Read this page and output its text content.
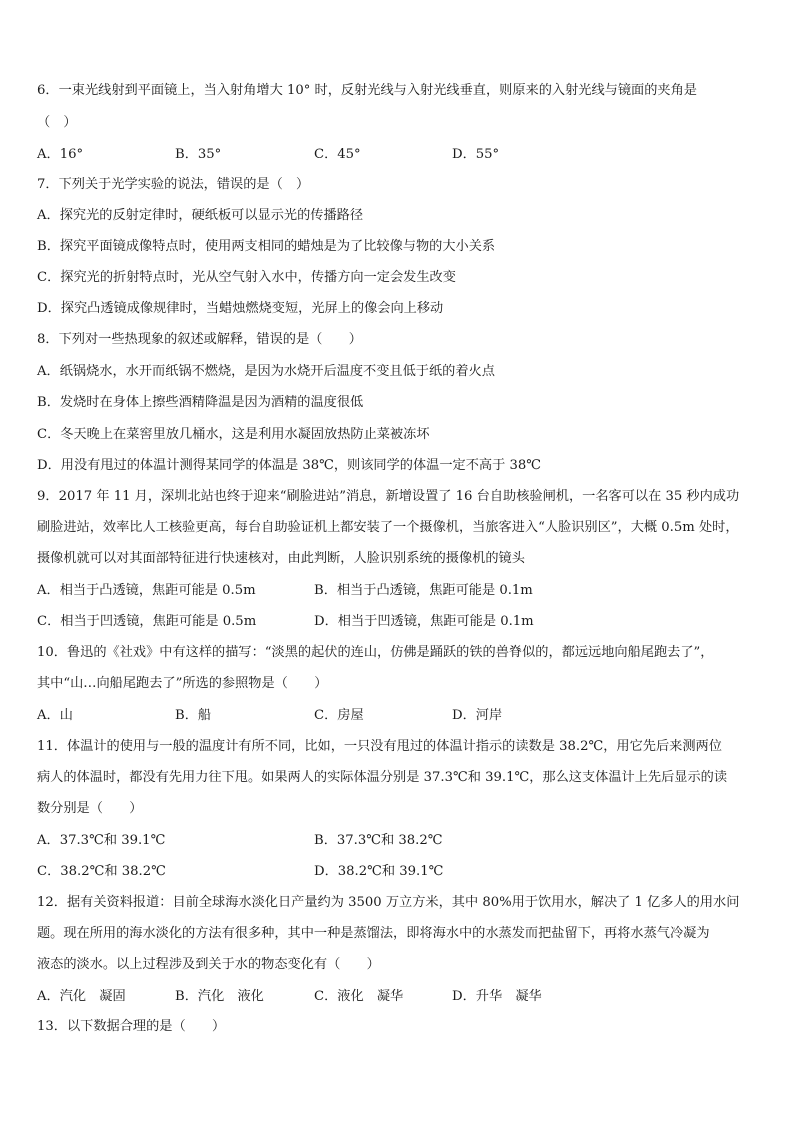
6．一束光线射到平面镜上，当入射角增大 10° 时，反射光线与入射光线垂直，则原来的入射光线与镜面的夹角是
（　）
A．16°	B．35°	C．45°	D．55°
7．下列关于光学实验的说法，错误的是（　）
A．探究光的反射定律时，硬纸板可以显示光的传播路径
B．探究平面镜成像特点时，使用两支相同的蜡烛是为了比较像与物的大小关系
C．探究光的折射特点时，光从空气射入水中，传播方向一定会发生改变
D．探究凸透镜成像规律时，当蜡烛燃烧变短，光屏上的像会向上移动
8．下列对一些热现象的叙述或解释，错误的是（　　）
A．纸锅烧水，水开而纸锅不燃烧，是因为水烧开后温度不变且低于纸的着火点
B．发烧时在身体上擦些酒精降温是因为酒精的温度很低
C．冬天晚上在菜窖里放几桶水，这是利用水凝固放热防止菜被冻坏
D．用没有甩过的体温计测得某同学的体温是 38℃，则该同学的体温一定不高于 38℃
9．2017 年 11 月，深圳北站也终于迎来“刷脸进站”消息，新增设置了 16 台自助核验闸机，一名客可以在 35 秒内成功
刷脸进站，效率比人工核验更高，每台自助验证机上都安装了一个摄像机，当旅客进入“人脸识别区”，大概 0.5m 处时，
摄像机就可以对其面部特征进行快速核对，由此判断，人脸识别系统的摄像机的镜头
A．相当于凸透镜，焦距可能是 0.5m	B．相当于凸透镜，焦距可能是 0.1m
C．相当于凹透镜，焦距可能是 0.5m	D．相当于凹透镜，焦距可能是 0.1m
10．鲁迅的《社戏》中有这样的描写：“淡黑的起伏的连山，仿佛是踊跃的铁的兽脊似的，都远远地向船尾跑去了”，
其中“山…向船尾跑去了”所选的参照物是（　　）
A．山	B．船	C．房屋	D．河岸
11．体温计的使用与一般的温度计有所不同，比如，一只没有甩过的体温计指示的读数是 38.2℃，用它先后来测两位
病人的体温时，都没有先用力往下甩。如果两人的实际体温分别是 37.3℃和 39.1℃，那么这支体温计上先后显示的读
数分别是（　　）
A．37.3℃和 39.1℃	B．37.3℃和 38.2℃
C．38.2℃和 38.2℃	D．38.2℃和 39.1℃
12．据有关资料报道：目前全球海水淡化日产量约为 3500 万立方米，其中 80%用于饮用水，解决了 1 亿多人的用水问
题。现在所用的海水淡化的方法有很多种，其中一种是蒸馏法，即将海水中的水蒸发而把盐留下，再将水蒸气冷凝为
液态的淡水。以上过程涉及到关于水的物态变化有（　　）
A．汽化　凝固	B．汽化　液化	C．液化　凝华	D．升华　凝华
13．以下数据合理的是（　　）
